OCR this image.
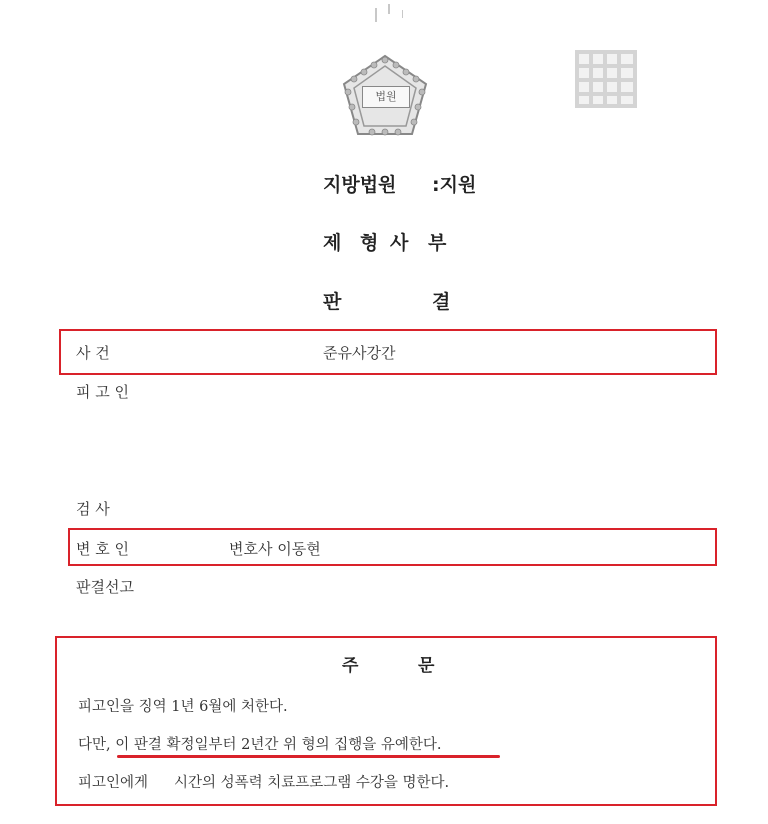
법원
지방법원 :지원
제 형 사 부
판	결
사 건	준유사강간
피 고 인
검 사
변 호 인	변호사 이동현
판결선고
주	문
피고인을 징역 1년 6월에 처한다.
다만, 이 판결 확정일부터 2년간 위 형의 집행을 유예한다.
피고인에게 시간의 성폭력 치료프로그램 수강을 명한다.
